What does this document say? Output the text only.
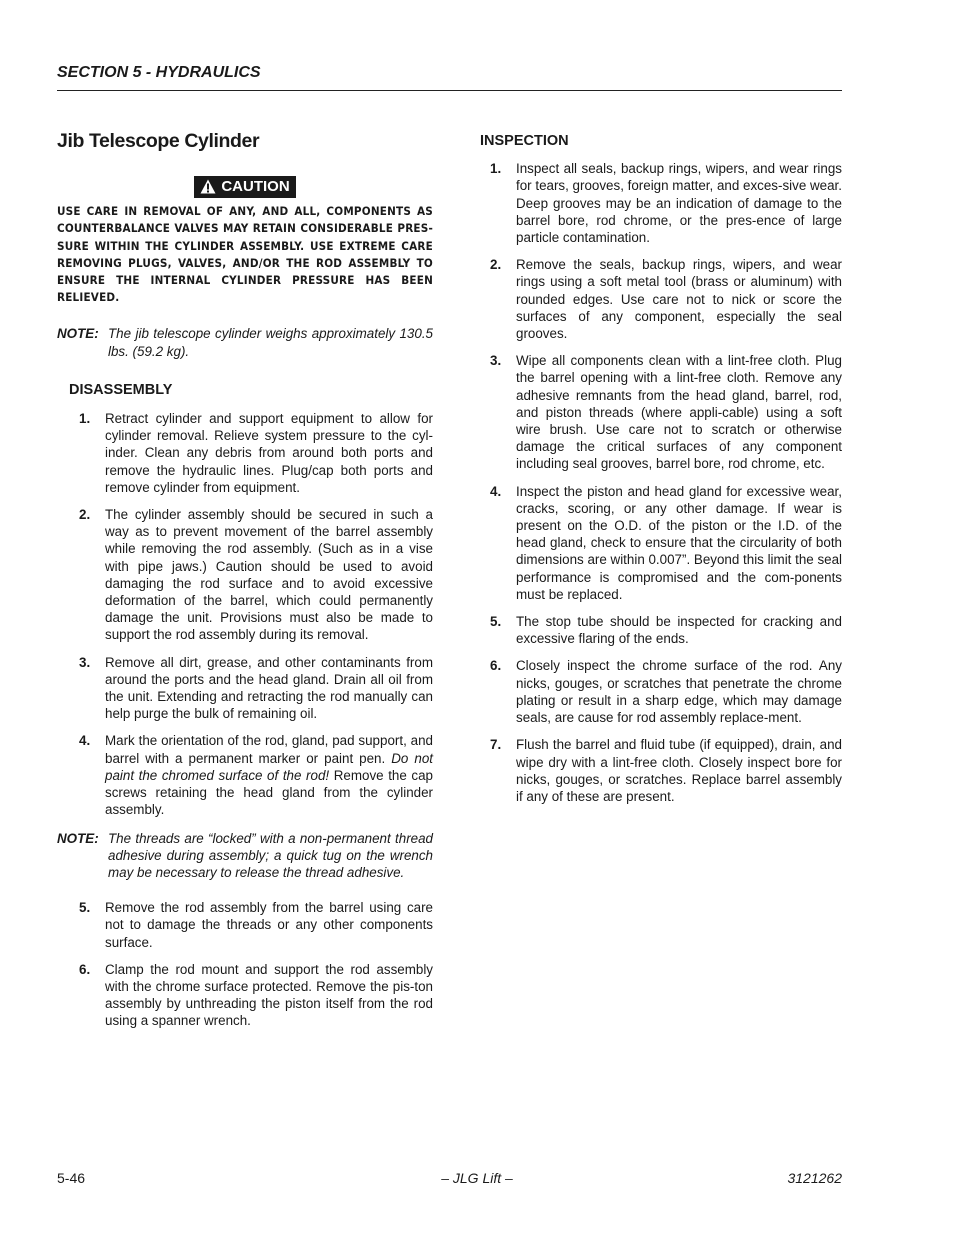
SECTION 5 - HYDRAULICS
Jib Telescope Cylinder
CAUTION
USE CARE IN REMOVAL OF ANY, AND ALL, COMPONENTS AS COUNTERBALANCE VALVES MAY RETAIN CONSIDERABLE PRES-SURE WITHIN THE CYLINDER ASSEMBLY. USE EXTREME CARE REMOVING PLUGS, VALVES, AND/OR THE ROD ASSEMBLY TO ENSURE THE INTERNAL CYLINDER PRESSURE HAS BEEN RELIEVED.
NOTE: The jib telescope cylinder weighs approximately 130.5 lbs. (59.2 kg).
DISASSEMBLY
1.	Retract cylinder and support equipment to allow for cylinder removal. Relieve system pressure to the cyl-inder. Clean any debris from around both ports and remove the hydraulic lines. Plug/cap both ports and remove cylinder from equipment.
2.	The cylinder assembly should be secured in such a way as to prevent movement of the barrel assembly while removing the rod assembly. (Such as in a vise with pipe jaws.) Caution should be used to avoid damaging the rod surface and to avoid excessive deformation of the barrel, which could permanently damage the unit. Provisions must also be made to support the rod assembly during its removal.
3.	Remove all dirt, grease, and other contaminants from around the ports and the head gland. Drain all oil from the unit. Extending and retracting the rod manually can help purge the bulk of remaining oil.
4.	Mark the orientation of the rod, gland, pad support, and barrel with a permanent marker or paint pen. Do not paint the chromed surface of the rod! Remove the cap screws retaining the head gland from the cylinder assembly.
NOTE: The threads are “locked” with a non-permanent thread adhesive during assembly; a quick tug on the wrench may be necessary to release the thread adhesive.
5.	Remove the rod assembly from the barrel using care not to damage the threads or any other components surface.
6.	Clamp the rod mount and support the rod assembly with the chrome surface protected. Remove the pis-ton assembly by unthreading the piston itself from the rod using a spanner wrench.
INSPECTION
1.	Inspect all seals, backup rings, wipers, and wear rings for tears, grooves, foreign matter, and exces-sive wear. Deep grooves may be an indication of damage to the barrel bore, rod chrome, or the pres-ence of large particle contamination.
2.	Remove the seals, backup rings, wipers, and wear rings using a soft metal tool (brass or aluminum) with rounded edges. Use care not to nick or score the surfaces of any component, especially the seal grooves.
3.	Wipe all components clean with a lint-free cloth. Plug the barrel opening with a lint-free cloth. Remove any adhesive remnants from the head gland, barrel, rod, and piston threads (where appli-cable) using a soft wire brush. Use care not to scratch or otherwise damage the critical surfaces of any component including seal grooves, barrel bore, rod chrome, etc.
4.	Inspect the piston and head gland for excessive wear, cracks, scoring, or any other damage. If wear is present on the O.D. of the piston or the I.D. of the head gland, check to ensure that the circularity of both dimensions are within 0.007”. Beyond this limit the seal performance is compromised and the com-ponents must be replaced.
5.	The stop tube should be inspected for cracking and excessive flaring of the ends.
6.	Closely inspect the chrome surface of the rod. Any nicks, gouges, or scratches that penetrate the chrome plating or result in a sharp edge, which may damage seals, are cause for rod assembly replace-ment.
7.	Flush the barrel and fluid tube (if equipped), drain, and wipe dry with a lint-free cloth. Closely inspect bore for nicks, gouges, or scratches. Replace barrel assembly if any of these are present.
5-46	– JLG Lift –	3121262
